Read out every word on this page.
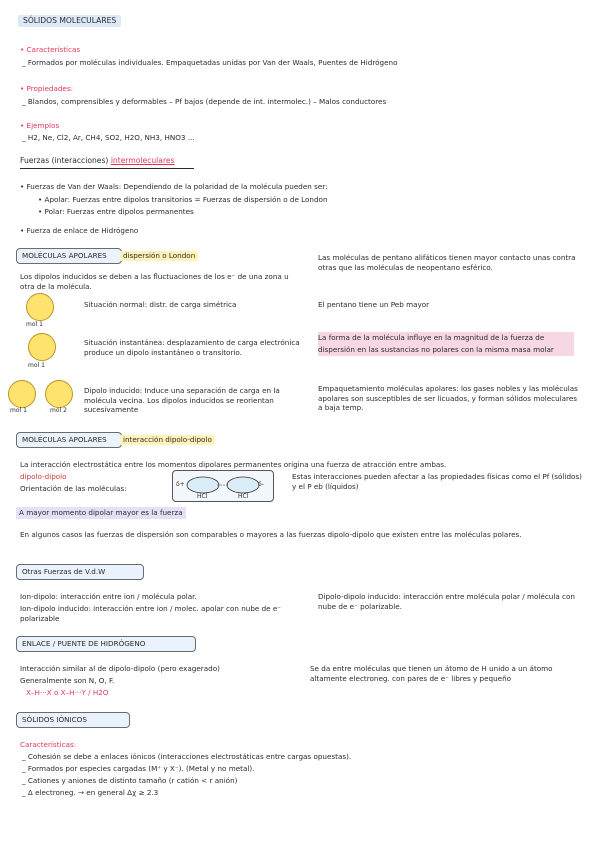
SÓLIDOS MOLECULARES
• Características
_ Formados por moléculas individuales. Empaquetadas unidas por Van der Waals, Puentes de Hidrógeno
• Propiedades:
_ Blandos, comprensibles y deformables – Pf bajos (depende de int. intermolec.) – Malos conductores
• Ejemplos
_ H2, Ne, Cl2, Ar, CH4, SO2, H2O, NH3, HNO3 ...
Fuerzas (interacciones) intermoleculares
• Fuerzas de Van der Waals: Dependiendo de la polaridad de la molécula pueden ser:
• Apolar: Fuerzas entre dipolos transitorios = Fuerzas de dispersión o de London
• Polar: Fuerzas entre dipolos permanentes
• Fuerza de enlace de Hidrógeno
MOLÉCULAS APOLARES	dispersión o London
Los dipolos inducidos se deben a las fluctuaciones de los e⁻ de una zona u otra de la molécula.
mol 1
Situación normal: distr. de carga simétrica
mol 1
Situación instantánea: desplazamiento de carga electrónica produce un dipolo instantáneo o transitorio.
mol 1	mol 2
Dipolo inducido: Induce una separación de carga en la molécula vecina. Los dipolos inducidos se reorientan sucesivamente
Las moléculas de pentano alifáticos tienen mayor contacto unas contra otras que las moléculas de neopentano esférico.
El pentano tiene un Peb mayor
La forma de la molécula influye en la magnitud de la fuerza de dispersión en las sustancias no polares con la misma masa molar
Empaquetamiento moléculas apolares: los gases nobles y las moléculas apolares son susceptibles de ser licuados, y forman sólidos moleculares a baja temp.
MOLÉCULAS APOLARES	interacción dipolo-dipolo
La interacción electrostática entre los momentos dipolares permanentes origina una fuerza de atracción entre ambas.
dipolo-dipolo
Orientación de las moléculas:	δ+	δ-
HCl	HCl
Estas interacciones pueden afectar a las propiedades físicas como el Pf (sólidos) y el P eb (líquidos)
A mayor momento dipolar mayor es la fuerza
En algunos casos las fuerzas de dispersión son comparables o mayores a las fuerzas dipolo-dipolo que existen entre las moléculas polares.
Otras Fuerzas de V.d.W
Ion-dipolo: interacción entre ion / molécula polar.
Ion-dipolo inducido: interacción entre ion / molec. apolar con nube de e⁻ polarizable
Dipolo-dipolo inducido: interacción entre molécula polar / molécula con nube de e⁻ polarizable.
ENLACE / PUENTE DE HIDRÓGENO
Interacción similar al de dipolo-dipolo (pero exagerado)
Generalmente son N, O, F.
X–H···X o X–H···Y / H2O
Se da entre moléculas que tienen un átomo de H unido a un átomo altamente electroneg. con pares de e⁻ libres y pequeño
SÓLIDOS IÓNICOS
Características:
_ Cohesión se debe a enlaces iónicos (interacciones electrostáticas entre cargas opuestas).
_ Formados por especies cargadas (M⁺ y X⁻). (Metal y no metal).
_ Cationes y aniones de distinto tamaño (r catión < r anión)
_ Δ electroneg. → en general Δχ ≥ 2.3
